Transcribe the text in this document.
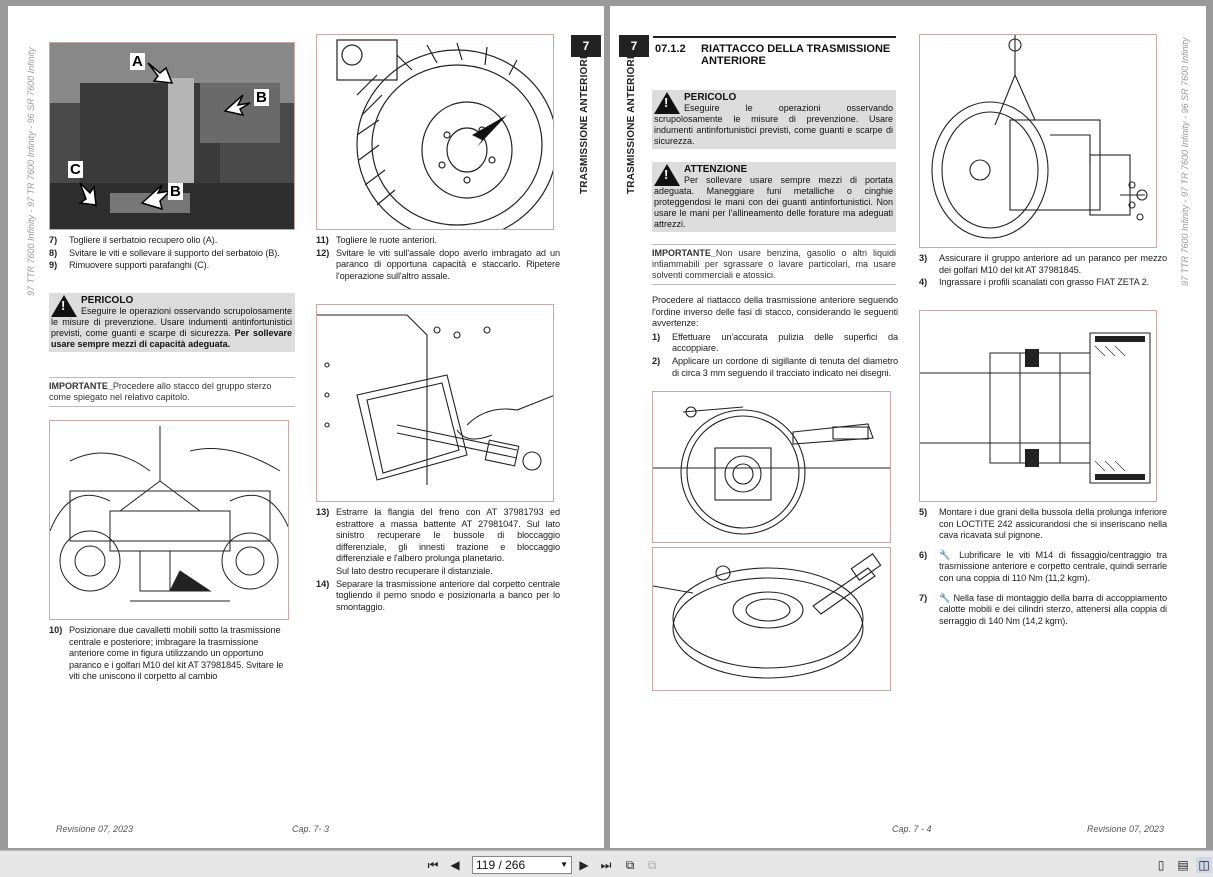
97 TTR 7600 Infinity - 97 TR 7600 Infinity - 96 SR 7600 Infinity	A
B
C
B
7)	Togliere il serbatoio recupero olio (A).
8)	Svitare le viti e sollevare il supporto del serbatoio (B).
9)	Rimuovere supporti parafanghi (C).
!
PERICOLO
Eseguire le operazioni osservando scrupolosamente le misure di prevenzione. Usare indumenti antinfortunistici previsti, come guanti e scarpe di sicurezza. Per sollevare usare sempre mezzi di capacità adeguata.
IMPORTANTE_Procedere allo stacco del gruppo sterzo come spiegato nel relativo capitolo.
10) Posizionare due cavalletti mobili sotto la trasmissione centrale e posteriore; imbragare la trasmissione anteriore come in figura utilizzando un opportuno paranco e i golfari M10 del kit AT 37981845. Svitare le viti che uniscono il corpetto al cambio
11) Togliere le ruote anteriori.
12) Svitare le viti sull'assale dopo averlo imbragato ad un paranco di opportuna capacità e staccarlo. Ripetere l'operazione sull'altro assale.
13) Estrarre la flangia del freno con AT 37981793 ed estrattore a massa battente AT 27981047. Sul lato sinistro recuperare le bussole di bloccaggio differenziale, gli innesti trazione e bloccaggio differenziale e l'albero prolunga planetario.
Sul lato destro recuperare il distanziale.
14) Separare la trasmissione anteriore dal corpetto centrale togliendo il perno snodo e posizionarla a banco per lo smontaggio.
7
TRASMISSIONE ANTERIORE
Revisione 07, 2023	Cap. 7- 3
7
TRASMISSIONE ANTERIORE
07.1.2 RIATTACCO DELLA TRASMISSIONE ANTERIORE
!
PERICOLO
Eseguire le operazioni osservando scrupolosamente le misure di prevenzione. Usare indumenti antinfortunistici previsti, come guanti e scarpe di sicurezza.
!
ATTENZIONE
Per sollevare usare sempre mezzi di portata adeguata. Maneggiare funi metalliche o cinghie proteggendosi le mani con dei guanti antinfortunistici. Non usare le mani per l'allineamento delle forature ma adeguati attrezzi.
IMPORTANTE_Non usare benzina, gasolio o altri liquidi infiammabili per sgrassare o lavare particolari, ma usare solventi commerciali e atossici.
Procedere al riattacco della trasmissione anteriore seguendo l'ordine inverso delle fasi di stacco, considerando le seguenti avvertenze:
1)	Effettuare un'accurata pulizia delle superfici da accoppiare.
2)	Applicare un cordone di sigillante di tenuta del diametro di circa 3 mm seguendo il tracciato indicato nei disegni.
3)	Assicurare il gruppo anteriore ad un paranco per mezzo dei golfari M10 del kit AT 37981845.
4)	Ingrassare i profili scanalati con grasso FIAT ZETA 2.
5)	Montare i due grani della bussola della prolunga inferiore con LOCTITE 242 assicurandosi che si inseriscano nella cava ricavata sul pignone.
6)	🔧 Lubrificare le viti M14 di fissaggio/centraggio tra trasmissione anteriore e corpetto centrale, quindi serrarle con una coppia di 110 Nm (11,2 kgm).
7)	🔧 Nella fase di montaggio della barra di accoppiamento calotte mobili e dei cilindri sterzo, attenersi alla coppia di serraggio di 140 Nm (14,2 kgm).
97 TTR 7600 Infinity - 97 TR 7600 Infinity - 96 SR 7600 Infinity
Cap. 7 - 4	Revisione 07, 2023
⏮ ◀	119 / 266	▼ ▶ ⏭	⧉	⧉	▯	▤ ◫
